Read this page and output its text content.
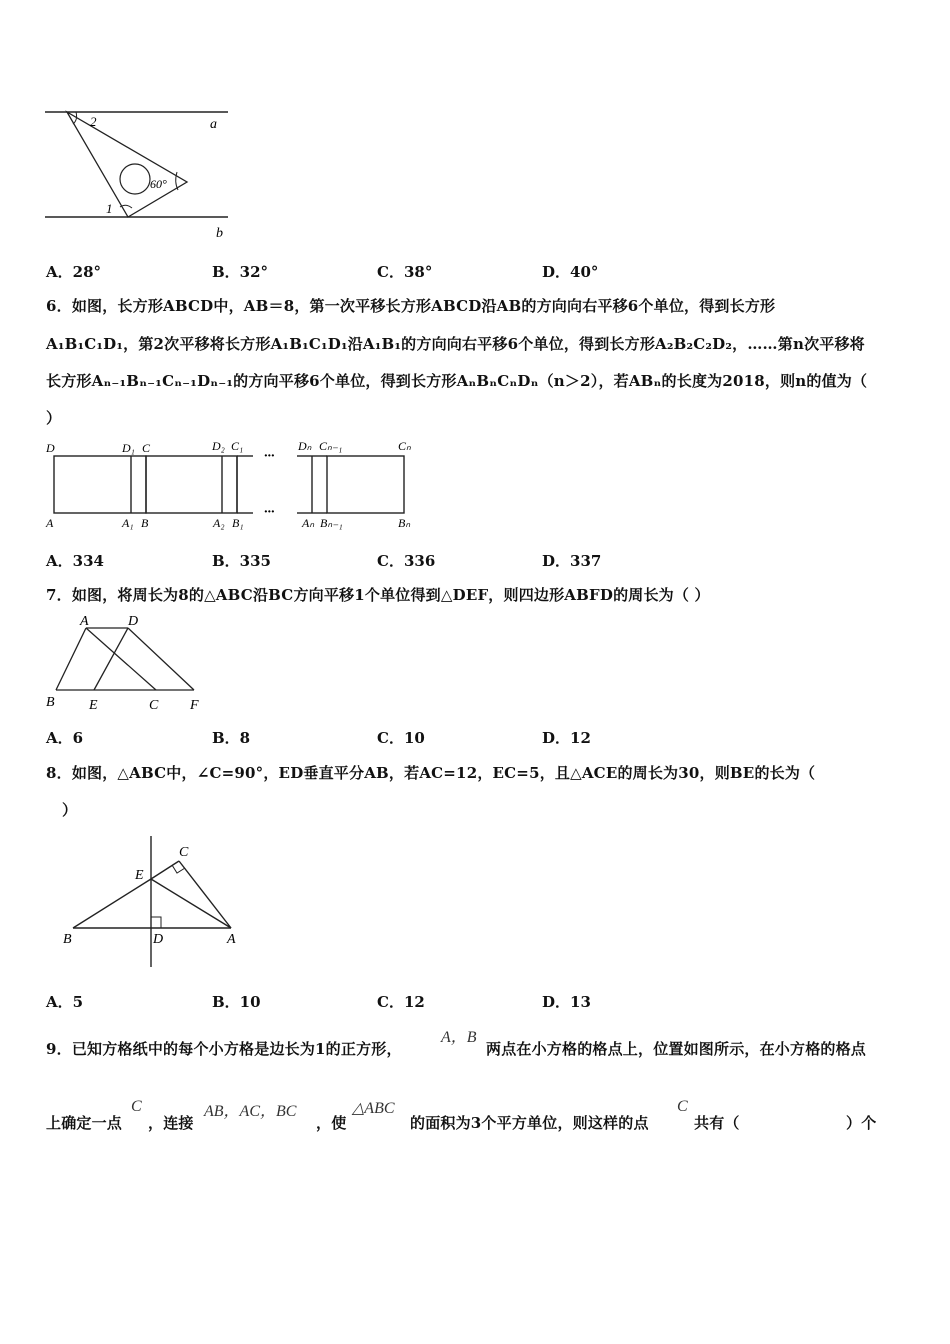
a
b
1
2
60°
A．28°	B．32°	C．38°	D．40°
6．如图，长方形ABCD中，AB＝8，第一次平移长方形ABCD沿AB的方向向右平移6个单位，得到长方形
A₁B₁C₁D₁，第2次平移将长方形A₁B₁C₁D₁沿A₁B₁的方向向右平移6个单位，得到长方形A₂B₂C₂D₂，……第n次平移将
长方形Aₙ₋₁Bₙ₋₁Cₙ₋₁Dₙ₋₁的方向平移6个单位，得到长方形AₙBₙCₙDₙ（n＞2），若ABₙ的长度为2018，则n的值为（
）
···
···
D	D₁ C	D₂ C₁	Dₙ Cₙ₋₁	Cₙ
A	A₁ B	A₂ B₁	Aₙ Bₙ₋₁	Bₙ
A．334	B．335	C．336	D．337
7．如图，将周长为8的△ABC沿BC方向平移1个单位得到△DEF，则四边形ABFD的周长为（ ）
A	D
B E	C F
A．6	B．8	C．10	D．12
8．如图，△ABC中，∠C=90°，ED垂直平分AB，若AC=12，EC=5，且△ACE的周长为30，则BE的长为（
）
C
E
B	D	A
A．5	B．10	C．12	D．13
9．已知方格纸中的每个小方格是边长为1的正方形，
A，B
两点在小方格的格点上，位置如图所示，在小方格的格点
上确定一点
C
，连接
AB，AC，BC
，使
△ABC
的面积为3个平方单位，则这样的点
C
共有（	）个
